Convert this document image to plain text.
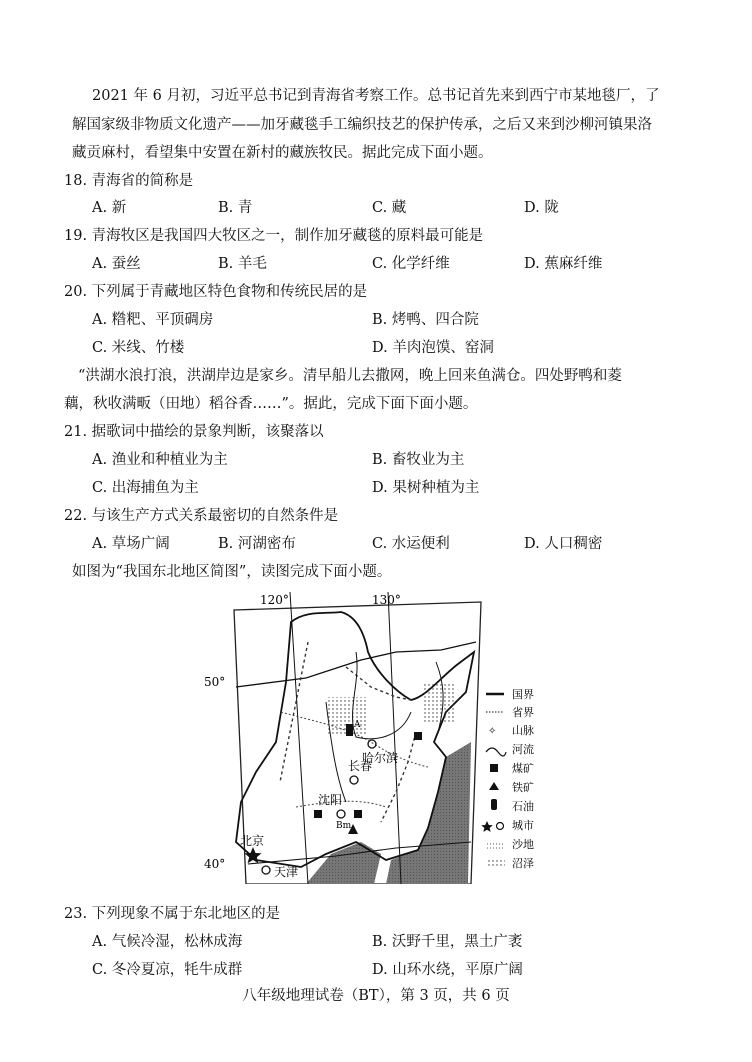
2021 年 6 月初，习近平总书记到青海省考察工作。总书记首先来到西宁市某地毯厂，了
解国家级非物质文化遗产——加牙藏毯手工编织技艺的保护传承，之后又来到沙柳河镇果洛
藏贡麻村，看望集中安置在新村的藏族牧民。据此完成下面小题。
18. 青海省的简称是
A. 新	B. 青	C. 藏	D. 陇
19. 青海牧区是我国四大牧区之一，制作加牙藏毯的原料最可能是
A. 蚕丝	B. 羊毛	C. 化学纤维	D. 蕉麻纤维
20. 下列属于青藏地区特色食物和传统民居的是
A. 糌粑、平顶碉房	B. 烤鸭、四合院
C. 米线、竹楼	D. 羊肉泡馍、窑洞
“洪湖水浪打浪，洪湖岸边是家乡。清早船儿去撒网，晚上回来鱼满仓。四处野鸭和菱
藕，秋收满畈（田地）稻谷香……”。据此，完成下面下面小题。
21. 据歌词中描绘的景象判断，该聚落以
A. 渔业和种植业为主	B. 畜牧业为主
C. 出海捕鱼为主	D. 果树种植为主
22. 与该生产方式关系最密切的自然条件是
A. 草场广阔	B. 河湖密布	C. 水运便利	D. 人口稠密
如图为“我国东北地区简图”，读图完成下面小题。
120°	130°
50°
40°
A
Bm
哈尔滨
长春
沈阳
北京
天津
国界
省界
✧ 山脉
河流
煤矿
铁矿
石油
城市
沙地
沼泽
23. 下列现象不属于东北地区的是
A. 气候冷湿，松林成海	B. 沃野千里，黑土广袤
C. 冬冷夏凉，牦牛成群	D. 山环水绕，平原广阔
八年级地理试卷（BT），第 3 页，共 6 页
